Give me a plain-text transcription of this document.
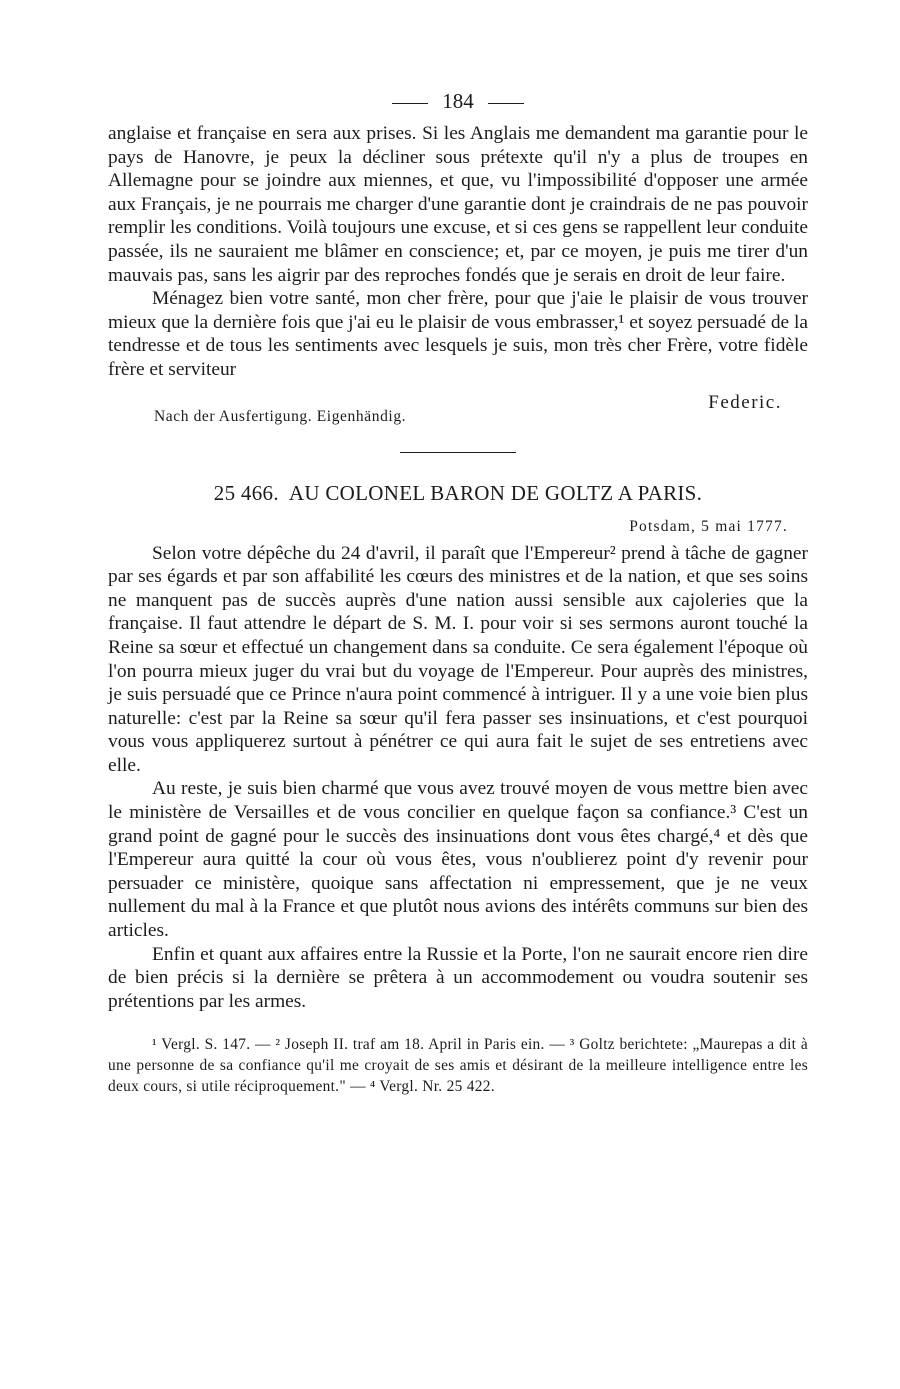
184

anglaise et française en sera aux prises. Si les Anglais me demandent ma garantie pour le pays de Hanovre, je peux la décliner sous prétexte qu'il n'y a plus de troupes en Allemagne pour se joindre aux miennes, et que, vu l'impossibilité d'opposer une armée aux Français, je ne pourrais me charger d'une garantie dont je craindrais de ne pas pouvoir remplir les conditions. Voilà toujours une excuse, et si ces gens se rappellent leur conduite passée, ils ne sauraient me blâmer en conscience; et, par ce moyen, je puis me tirer d'un mauvais pas, sans les aigrir par des reproches fondés que je serais en droit de leur faire.

Ménagez bien votre santé, mon cher frère, pour que j'aie le plaisir de vous trouver mieux que la dernière fois que j'ai eu le plaisir de vous embrasser,¹ et soyez persuadé de la tendresse et de tous les sentiments avec lesquels je suis, mon très cher Frère, votre fidèle frère et serviteur

Nach der Ausfertigung. Eigenhändig.
Federic.
25 466. AU COLONEL BARON DE GOLTZ A PARIS.
Potsdam, 5 mai 1777.

Selon votre dépêche du 24 d'avril, il paraît que l'Empereur² prend à tâche de gagner par ses égards et par son affabilité les cœurs des ministres et de la nation, et que ses soins ne manquent pas de succès auprès d'une nation aussi sensible aux cajoleries que la française. Il faut attendre le départ de S. M. I. pour voir si ses sermons auront touché la Reine sa sœur et effectué un changement dans sa conduite. Ce sera également l'époque où l'on pourra mieux juger du vrai but du voyage de l'Empereur. Pour auprès des ministres, je suis persuadé que ce Prince n'aura point commencé à intriguer. Il y a une voie bien plus naturelle: c'est par la Reine sa sœur qu'il fera passer ses insinuations, et c'est pourquoi vous vous appliquerez surtout à pénétrer ce qui aura fait le sujet de ses entretiens avec elle.

Au reste, je suis bien charmé que vous avez trouvé moyen de vous mettre bien avec le ministère de Versailles et de vous concilier en quelque façon sa confiance.³ C'est un grand point de gagné pour le succès des insinuations dont vous êtes chargé,⁴ et dès que l'Empereur aura quitté la cour où vous êtes, vous n'oublierez point d'y revenir pour persuader ce ministère, quoique sans affectation ni empressement, que je ne veux nullement du mal à la France et que plutôt nous avions des intérêts communs sur bien des articles.

Enfin et quant aux affaires entre la Russie et la Porte, l'on ne saurait encore rien dire de bien précis si la dernière se prêtera à un accommodement ou voudra soutenir ses prétentions par les armes.

¹ Vergl. S. 147. — ² Joseph II. traf am 18. April in Paris ein. — ³ Goltz berichtete: „Maurepas a dit à une personne de sa confiance qu'il me croyait de ses amis et désirant de la meilleure intelligence entre les deux cours, si utile réciproquement." — ⁴ Vergl. Nr. 25 422.
